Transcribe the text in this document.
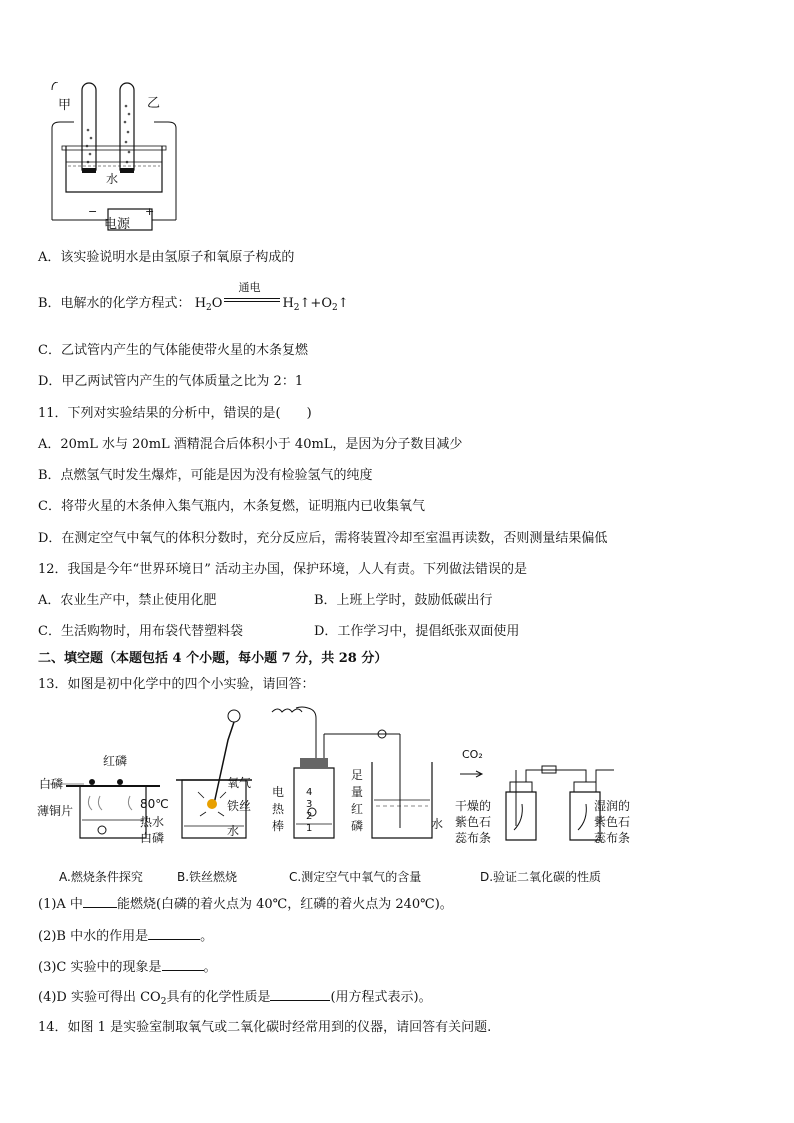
甲	乙
水
−	+
电源
A．该实验说明水是由氢原子和氧原子构成的
B．电解水的化学方程式： $H_2O$
通电
$H_2↑+O_2↑$
C．乙试管内产生的气体能使带火星的木条复燃
D．甲乙两试管内产生的气体质量之比为 2：1
11．下列对实验结果的分析中，错误的是(　　)
A．20mL 水与 20mL 酒精混合后体积小于 40mL，是因为分子数目减少
B．点燃氢气时发生爆炸，可能是因为没有检验氢气的纯度
C．将带火星的木条伸入集气瓶内，木条复燃，证明瓶内已收集氧气
D．在测定空气中氧气的体积分数时，充分反应后，需将装置冷却至室温再读数，否则测量结果偏低
12．我国是今年“世界环境日” 活动主办国，保护环境，人人有责。下列做法错误的是
A．农业生产中，禁止使用化肥	B．上班上学时，鼓励低碳出行
C．生活购物时，用布袋代替塑料袋	D．工作学习中，提倡纸张双面使用
二、填空题（本题包括 4 个小题，每小题 7 分，共 28 分）
13．如图是初中化学中的四个小实验，请回答：
红磷
白磷
薄铜片	80℃
热水
白磷
A.燃烧条件探究
氧气
铁丝
水
B.铁丝燃烧
电
热
棒
4
3
2
1
足
量
红
磷	水
C.测定空气中氧气的含量
CO₂
干燥的
紫色石
蕊布条
湿润的
紫色石
蕊布条
D.验证二氧化碳的性质
(1)A 中	能燃烧(白磷的着火点为 40℃，红磷的着火点为 240℃)。
(2)B 中水的作用是	。
(3)C 实验中的现象是	。
(4)D 实验可得出 $CO_2$具有的化学性质是	(用方程式表示)。
14．如图 1 是实验室制取氧气或二氧化碳时经常用到的仪器，请回答有关问题.
